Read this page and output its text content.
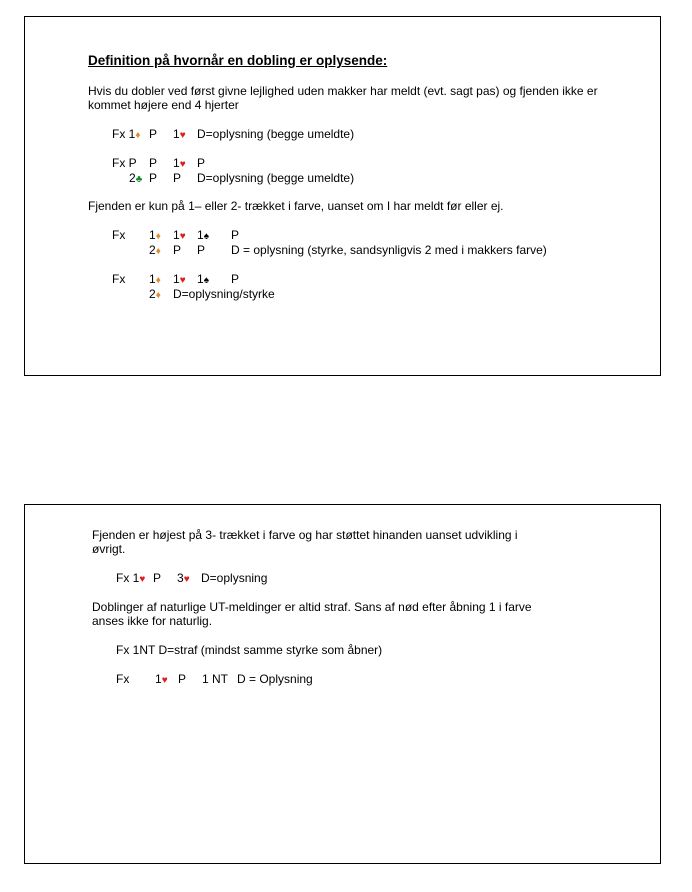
Definition på hvornår en dobling er oplysende:
Hvis du dobler ved først givne lejlighed uden makker har meldt (evt. sagt pas) og fjenden ikke er kommet højere end 4 hjerter
Fx 1♦ P 1♥ D=oplysning (begge umeldte)
Fx P P 1♥ P
2♣ P P D=oplysning (begge umeldte)
Fjenden er kun på 1– eller 2- trækket i farve, uanset om I har meldt før eller ej.
Fx 1♦ 1♥ 1♠ P
2♦ P P D = oplysning (styrke, sandsynligvis 2 med i makkers farve)
Fx 1♦ 1♥ 1♠ P
2♦ D=oplysning/styrke
Fjenden er højest på 3- trækket i farve og har støttet hinanden uanset udvikling i øvrigt.
Fx 1♥ P 3♥ D=oplysning
Doblinger af naturlige UT-meldinger er altid straf. Sans af nød efter åbning 1 i farve anses ikke for naturlig.
Fx 1NT D=straf (mindst samme styrke som åbner)
Fx 1♥ P 1 NT D = Oplysning
